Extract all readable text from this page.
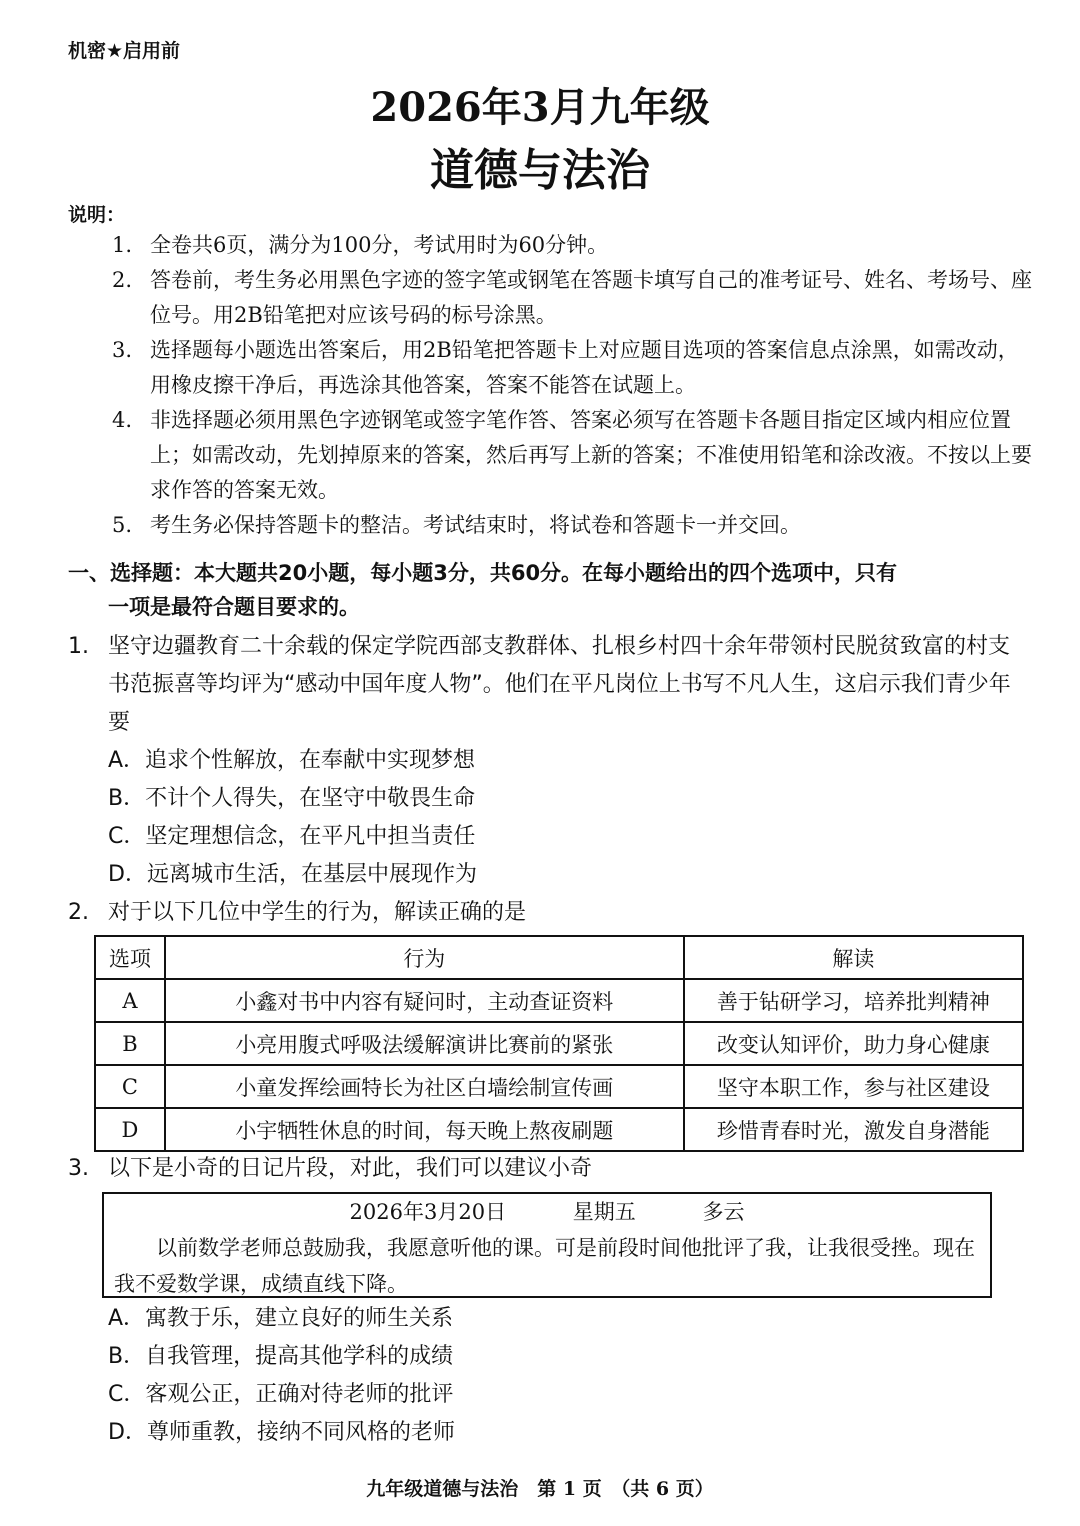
机密★启用前
2026年3月九年级
道德与法治
说明：
1. 全卷共6页，满分为100分，考试用时为60分钟。
2. 答卷前，考生务必用黑色字迹的签字笔或钢笔在答题卡填写自己的准考证号、姓名、考场号、座位号。用2B铅笔把对应该号码的标号涂黑。
3. 选择题每小题选出答案后，用2B铅笔把答题卡上对应题目选项的答案信息点涂黑，如需改动，用橡皮擦干净后，再选涂其他答案，答案不能答在试题上。
4. 非选择题必须用黑色字迹钢笔或签字笔作答、答案必须写在答题卡各题目指定区域内相应位置上；如需改动，先划掉原来的答案，然后再写上新的答案；不准使用铅笔和涂改液。不按以上要求作答的答案无效。
5. 考生务必保持答题卡的整洁。考试结束时，将试卷和答题卡一并交回。
一、选择题：本大题共20小题，每小题3分，共60分。在每小题给出的四个选项中，只有
一项是最符合题目要求的。
1. 坚守边疆教育二十余载的保定学院西部支教群体、扎根乡村四十余年带领村民脱贫致富的村支书范振喜等均评为“感动中国年度人物”。他们在平凡岗位上书写不凡人生，这启示我们青少年要
A．追求个性解放，在奉献中实现梦想
B．不计个人得失，在坚守中敬畏生命
C．坚定理想信念，在平凡中担当责任
D．远离城市生活，在基层中展现作为
2. 对于以下几位中学生的行为，解读正确的是
选项	行为	解读
A	小鑫对书中内容有疑问时，主动查证资料	善于钻研学习，培养批判精神
B	小亮用腹式呼吸法缓解演讲比赛前的紧张	改变认知评价，助力身心健康
C	小童发挥绘画特长为社区白墙绘制宣传画	坚守本职工作，参与社区建设
D	小宇牺牲休息的时间，每天晚上熬夜刷题	珍惜青春时光，激发自身潜能
3. 以下是小奇的日记片段，对此，我们可以建议小奇
2026年3月20日	星期五	多云
以前数学老师总鼓励我，我愿意听他的课。可是前段时间他批评了我，让我很受挫。现在我不爱数学课，成绩直线下降。
A．寓教于乐，建立良好的师生关系
B．自我管理，提高其他学科的成绩
C．客观公正，正确对待老师的批评
D．尊师重教，接纳不同风格的老师
九年级道德与法治　第 1 页　（共 6 页）
